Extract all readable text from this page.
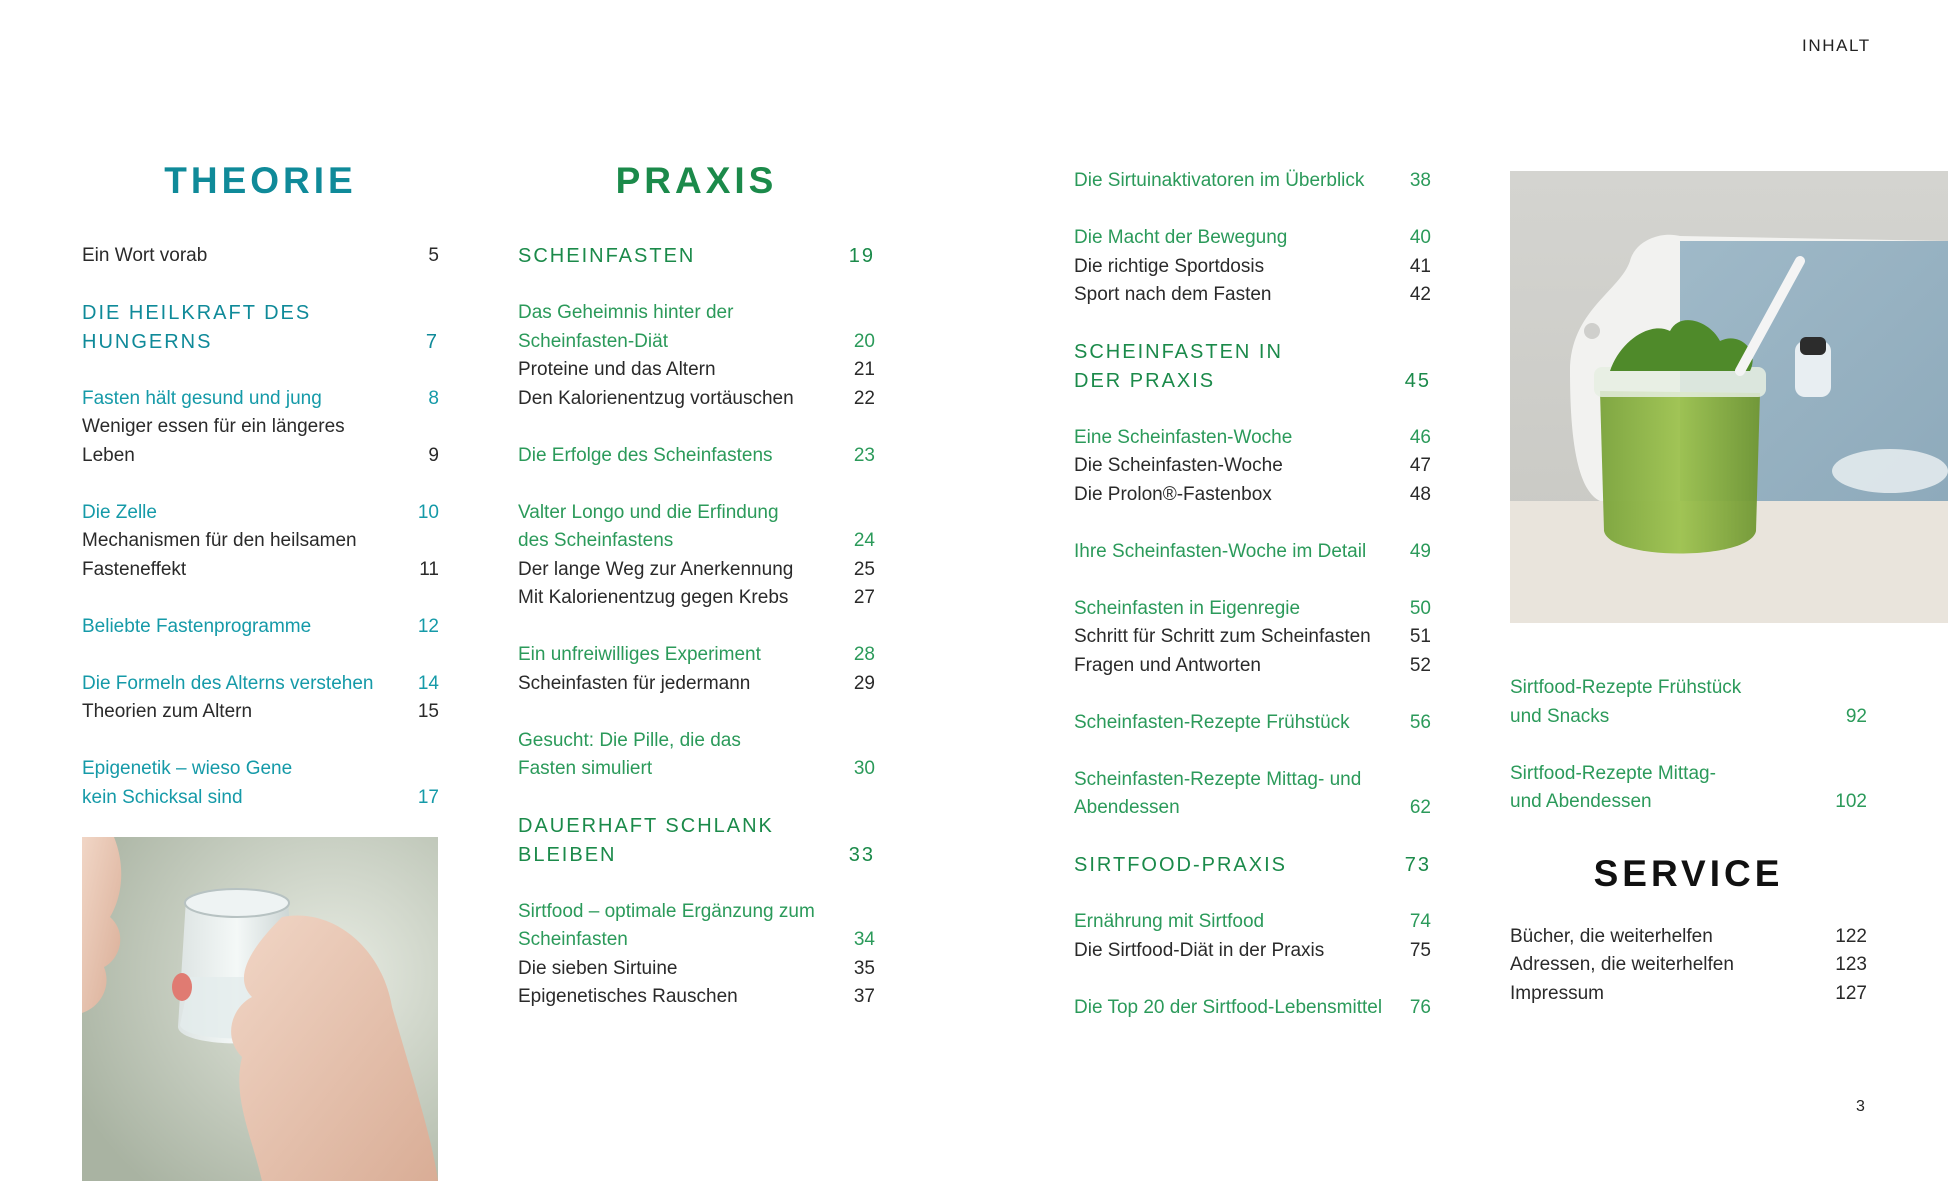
INHALT
THEORIE
Ein Wort vorab	5
DIE HEILKRAFT DES
HUNGERNS	7
Fasten hält gesund und jung	8
Weniger essen für ein längeres Leben	9
Die Zelle	10
Mechanismen für den heilsamen
Fasteneffekt	11
Beliebte Fastenprogramme	12
Die Formeln des Alterns verstehen	14
Theorien zum Altern	15
Epigenetik – wieso Gene
kein Schicksal sind	17
PRAXIS
SCHEINFASTEN	19
Das Geheimnis hinter der
Scheinfasten-Diät	20
Proteine und das Altern	21
Den Kalorienentzug vortäuschen	22
Die Erfolge des Scheinfastens	23
Valter Longo und die Erfindung
des Scheinfastens	24
Der lange Weg zur Anerkennung	25
Mit Kalorienentzug gegen Krebs	27
Ein unfreiwilliges Experiment	28
Scheinfasten für jedermann	29
Gesucht: Die Pille, die das
Fasten simuliert	30
DAUERHAFT SCHLANK
BLEIBEN	33
Sirtfood – optimale Ergänzung zum
Scheinfasten	34
Die sieben Sirtuine	35
Epigenetisches Rauschen	37
Die Sirtuinaktivatoren im Überblick	38
Die Macht der Bewegung	40
Die richtige Sportdosis	41
Sport nach dem Fasten	42
SCHEINFASTEN IN
DER PRAXIS	45
Eine Scheinfasten-Woche	46
Die Scheinfasten-Woche	47
Die Prolon®-Fastenbox	48
Ihre Scheinfasten-Woche im Detail	49
Scheinfasten in Eigenregie	50
Schritt für Schritt zum Scheinfasten	51
Fragen und Antworten	52
Scheinfasten-Rezepte Frühstück	56
Scheinfasten-Rezepte Mittag- und
Abendessen	62
SIRTFOOD-PRAXIS	73
Ernährung mit Sirtfood	74
Die Sirtfood-Diät in der Praxis	75
Die Top 20 der Sirtfood-Lebensmittel	76
Sirtfood-Rezepte Frühstück
und Snacks	92
Sirtfood-Rezepte Mittag-
und Abendessen	102
SERVICE
Bücher, die weiterhelfen	122
Adressen, die weiterhelfen	123
Impressum	127
3
